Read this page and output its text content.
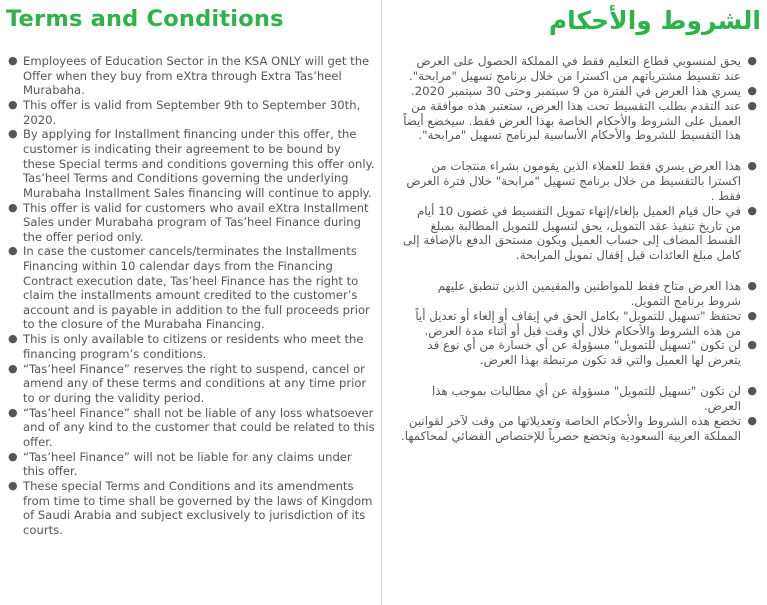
Terms and Conditions
● Employees of Education Sector in the KSA ONLY will get the Offer when they buy from eXtra through Extra Tas’heel Murabaha.
● This offer is valid from September 9th to September 30th, 2020.
● By applying for Installment financing under this offer, the customer is indicating their agreement to be bound by these Special terms and conditions governing this offer only. Tas’heel Terms and Conditions governing the underlying Murabaha Installment Sales financing will continue to apply.
● This offer is valid for customers who avail eXtra Installment Sales under Murabaha program of Tas’heel Finance during the offer period only.
● In case the customer cancels/terminates the Installments Financing within 10 calendar days from the Financing Contract execution date, Tas’heel Finance has the right to claim the installments amount credited to the customer’s account and is payable in addition to the full proceeds prior to the closure of the Murabaha Financing.
● This is only available to citizens or residents who meet the financing program’s conditions.
● “Tas’heel Finance” reserves the right to suspend, cancel or amend any of these terms and conditions at any time prior to or during the validity period.
● “Tas’heel Finance” shall not be liable of any loss whatsoever and of any kind to the customer that could be related to this offer.
● “Tas’heel Finance” will not be liable for any claims under this offer.
● These special Terms and Conditions and its amendments from time to time shall be governed by the laws of Kingdom of Saudi Arabia and subject exclusively to jurisdiction of its courts.
الشروط والأحكام
●
يحق لمنسوبي قطاع التعليم فقط في المملكة الحصول على العرض عند تقسيط مشترياتهم من اكسترا من خلال برنامج تسهيل "مرابحة".
●
يسري هذا العرض في الفترة من 9 سبتمبر وحتى 30 سبتمبر 2020.
●
عند التقدم بطلب التقسيط تحت هذا العرض، ستعتبر هذه موافقة من العميل على الشروط والأحكام الخاصة بهذا العرض فقط. سيخضع أيضاً هذا التقسيط للشروط والأحكام الأساسية لبرنامج تسهيل "مرابحة".
●
هذا العرض يسري فقط للعملاء الذين يقومون بشراء منتجات من اكسترا بالتقسيط من خلال برنامج تسهيل "مرابحة" خلال فترة العرض فقط .
●
في حال قيام العميل بإلغاء/إنهاء تمويل التقسيط في غضون 10 أيام من تاريخ تنفيذ عقد التمويل، يحق لتسهيل للتمويل المطالبة بمبلغ القسط المضاف إلى حساب العميل ويكون مستحق الدفع بالإضافة إلى كامل مبلغ العائدات قبل إقفال تمويل المرابحة.
●
هذا العرض متاح فقط للمواطنين والمقيمين الذين تنطبق عليهم شروط برنامج التمويل.
●
تحتفظ "تسهيل للتمويل" بكامل الحق في إيقاف أو إلغاء أو تعديل أياً من هذه الشروط والأحكام خلال أي وقت قبل أو أثناء مدة العرض.
●
لن تكون "تسهيل للتمويل" مسؤولة عن أي خسارة من أي نوع قد يتعرض لها العميل والتي قد تكون مرتبطة بهذا العرض.
●
لن تكون "تسهيل للتمويل" مسؤولة عن أي مطالبات بموجب هذا العرض.
●
تخضع هذه الشروط والأحكام الخاصة وتعديلاتها من وقت لآخر لقوانين المملكة العربية السعودية وتخضع حصرياً للإختصاص القضائي لمحاكمها.
